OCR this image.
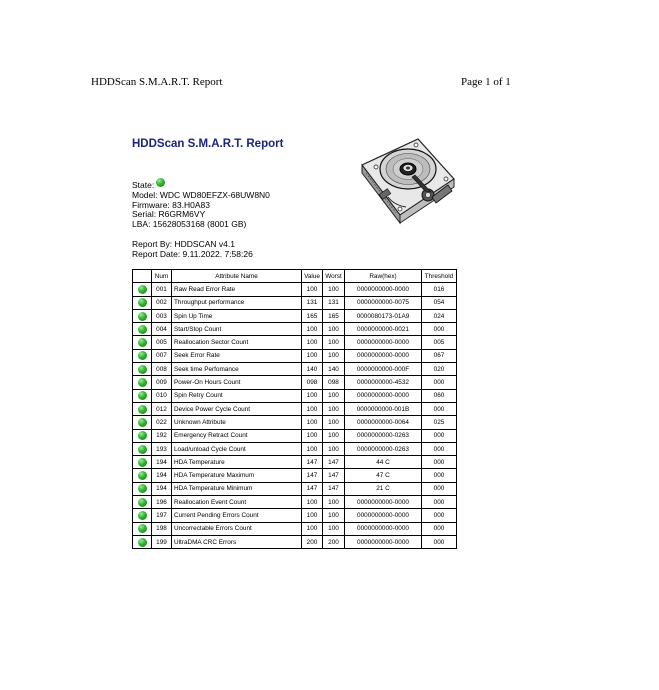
HDDScan S.M.A.R.T. Report	Page 1 of 1
HDDScan S.M.A.R.T. Report
State:
Model: WDC WD80EFZX-68UW8N0
Firmware: 83.H0A83
Serial: R6GRM6VY
LBA: 15628053168 (8001 GB)
Report By: HDDSCAN v4.1
Report Date: 9.11.2022. 7:58:26
	Num	Attribute Name	Value	Worst	Raw(hex)	Threshold
	001	Raw Read Error Rate	100	100	0000000000-0000	016
	002	Throughput performance	131	131	0000000000-0075	054
	003	Spin Up Time	165	165	0000080173-01A9	024
	004	Start/Stop Count	100	100	0000000000-0021	000
	005	Reallocation Sector Count	100	100	0000000000-0000	005
	007	Seek Error Rate	100	100	0000000000-0000	067
	008	Seek time Perfomance	140	140	0000000000-000F	020
	009	Power-On Hours Count	098	098	0000000000-4532	000
	010	Spin Retry Count	100	100	0000000000-0000	060
	012	Device Power Cycle Count	100	100	0000000000-001B	000
	022	Unknown Attribute	100	100	0000000000-0064	025
	192	Emergency Retract Count	100	100	0000000000-0263	000
	193	Load/unload Cycle Count	100	100	0000000000-0263	000
	194	HDA Temperature	147	147	44 C	000
	194	HDA Temperature Maximum	147	147	47 C	000
	194	HDA Temperature Minimum	147	147	21 C	000
	196	Reallocation Event Count	100	100	0000000000-0000	000
	197	Current Pending Errors Count	100	100	0000000000-0000	000
	198	Uncorrectable Errors Count	100	100	0000000000-0000	000
	199	UltraDMA CRC Errors	200	200	0000000000-0000	000
